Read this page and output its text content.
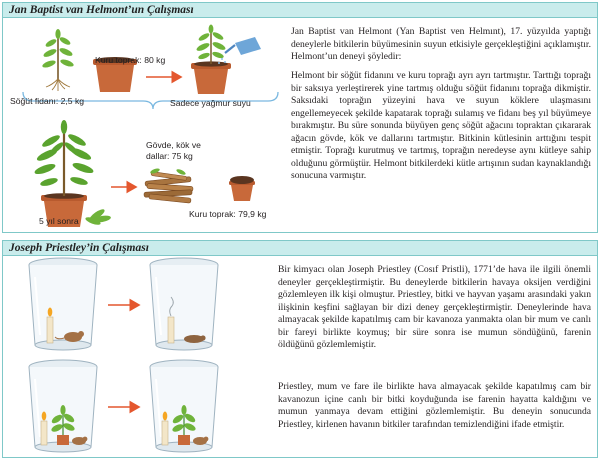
Jan Baptist van Helmont’un Çalışması
Kuru toprak: 80 kg
Söğüt fidanı: 2,5 kg	Sadece yağmur suyu
5 yıl sonra
Gövde, kök ve dallar: 75 kg
Kuru toprak: 79,9 kg
Jan Baptist van Helmont (Yan Baptist ven Helmınt), 17. yüzyılda yaptığı deneylerle bitkilerin büyümesinin suyun etkisiyle gerçekleştiğini açıklamıştır. Helmont’un deneyi şöyledir:
Helmont bir söğüt fidanını ve kuru toprağı ayrı ayrı tartmıştır. Tarttığı toprağı bir saksıya yerleştirerek yine tartmış olduğu söğüt fidanını toprağa dikmiştir. Saksıdaki toprağın yüzeyini hava ve suyun köklere ulaşmasını engellemeyecek şekilde kapatarak toprağı sulamış ve fidanı beş yıl büyümeye bırakmıştır. Bu süre sonunda büyüyen genç söğüt ağacını topraktan çıkararak ağacın gövde, kök ve dallarını tartmıştır. Bitkinin kütlesinin arttığını tespit etmiştir. Toprağı kurutmuş ve tartmış, toprağın neredeyse aynı kütleye sahip olduğunu görmüştür. Helmont bitkilerdeki kütle artışının sudan kaynaklandığı sonucuna varmıştır.
Joseph Priestley’in Çalışması
Bir kimyacı olan Joseph Priestley (Cosıf Pristli), 1771’de hava ile ilgili önemli deneyler gerçekleştirmiştir. Bu deneylerde bitkilerin havaya oksijen verdiğini gözlemleyen ilk kişi olmuştur. Priestley, bitki ve hayvan yaşamı arasındaki yakın ilişkinin keşfini sağlayan bir dizi deney gerçekleştirmiştir. Deneylerinde hava almayacak şekilde kapatılmış cam bir kavanoza yanmakta olan bir mum ve canlı bir fareyi birlikte koymuş; bir süre sonra ise mumun söndüğünü, farenin öldüğünü gözlemlemiştir.
Priestley, mum ve fare ile birlikte hava almayacak şekilde kapatılmış cam bir kavanozun içine canlı bir bitki koyduğunda ise farenin hayatta kaldığını ve mumun yanmaya devam ettiğini gözlemlemiştir. Bu deneyin sonucunda Priestley, kirlenen havanın bitkiler tarafından temizlendiğini ifade etmiştir.
